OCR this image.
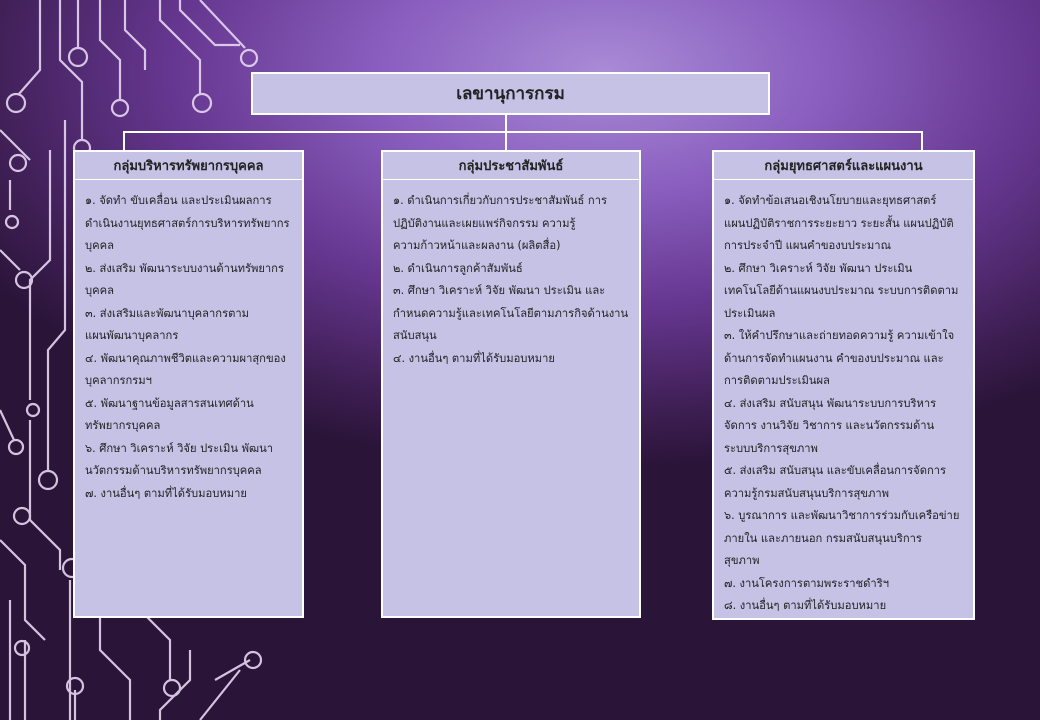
เลขานุการกรม
กลุ่มบริหารทรัพยากรบุคคล
๑. จัดทำ ขับเคลื่อน และประเมินผลการ
ดำเนินงานยุทธศาสตร์การบริหารทรัพยากร
บุคคล
๒. ส่งเสริม พัฒนาระบบงานด้านทรัพยากร
บุคคล
๓. ส่งเสริมและพัฒนาบุคลากรตาม
แผนพัฒนาบุคลากร
๔. พัฒนาคุณภาพชีวิตและความผาสุกของ
บุคลากรกรมฯ
๕. พัฒนาฐานข้อมูลสารสนเทศด้าน
ทรัพยากรบุคคล
๖. ศึกษา วิเคราะห์ วิจัย ประเมิน พัฒนา
นวัตกรรมด้านบริหารทรัพยากรบุคคล
๗. งานอื่นๆ ตามที่ได้รับมอบหมาย
กลุ่มประชาสัมพันธ์
๑. ดำเนินการเกี่ยวกับการประชาสัมพันธ์ การ
ปฏิบัติงานและเผยแพร่กิจกรรม ความรู้
ความก้าวหน้าและผลงาน (ผลิตสื่อ)
๒. ดำเนินการลูกค้าสัมพันธ์
๓. ศึกษา วิเคราะห์ วิจัย พัฒนา ประเมิน และ
กำหนดความรู้และเทคโนโลยีตามภารกิจด้านงาน
สนับสนุน
๔. งานอื่นๆ ตามที่ได้รับมอบหมาย
กลุ่มยุทธศาสตร์และแผนงาน
๑. จัดทำข้อเสนอเชิงนโยบายและยุทธศาสตร์
แผนปฏิบัติราชการระยะยาว ระยะสั้น แผนปฏิบัติ
การประจำปี แผนคำของบประมาณ
๒. ศึกษา วิเคราะห์ วิจัย พัฒนา ประเมิน
เทคโนโลยีด้านแผนงบประมาณ ระบบการติดตาม
ประเมินผล
๓. ให้คำปรึกษาและถ่ายทอดความรู้ ความเข้าใจ
ด้านการจัดทำแผนงาน คำของบประมาณ และ
การติดตามประเมินผล
๔. ส่งเสริม สนับสนุน พัฒนาระบบการบริหาร
จัดการ งานวิจัย วิชาการ และนวัตกรรมด้าน
ระบบบริการสุขภาพ
๕. ส่งเสริม สนับสนุน และขับเคลื่อนการจัดการ
ความรู้กรมสนับสนุนบริการสุขภาพ
๖. บูรณาการ และพัฒนาวิชาการร่วมกับเครือข่าย
ภายใน และภายนอก กรมสนับสนุนบริการ
สุขภาพ
๗. งานโครงการตามพระราชดำริฯ
๘. งานอื่นๆ ตามที่ได้รับมอบหมาย
